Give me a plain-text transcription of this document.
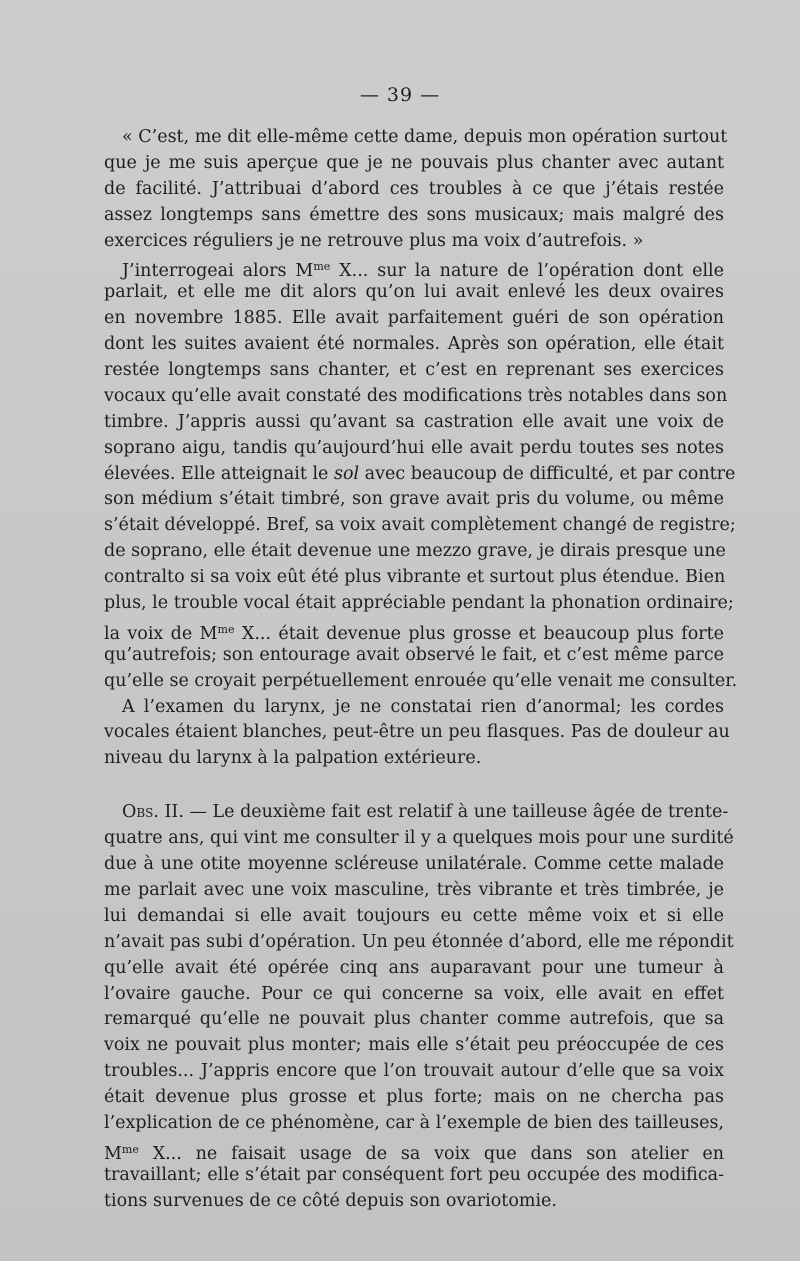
— 39 —
« C’est, me dit elle-même cette dame, depuis mon opération surtout
que je me suis aperçue que je ne pouvais plus chanter avec autant
de facilité. J’attribuai d’abord ces troubles à ce que j’étais restée
assez longtemps sans émettre des sons musicaux; mais malgré des
exercices réguliers je ne retrouve plus ma voix d’autrefois. »
J’interrogeai alors $M^{me}$ X... sur la nature de l’opération dont elle
parlait, et elle me dit alors qu’on lui avait enlevé les deux ovaires
en novembre 1885. Elle avait parfaitement guéri de son opération
dont les suites avaient été normales. Après son opération, elle était
restée longtemps sans chanter, et c’est en reprenant ses exercices
vocaux qu’elle avait constaté des modifications très notables dans son
timbre. J’appris aussi qu’avant sa castration elle avait une voix de
soprano aigu, tandis qu’aujourd’hui elle avait perdu toutes ses notes
élevées. Elle atteignait le sol avec beaucoup de difficulté, et par contre
son médium s’était timbré, son grave avait pris du volume, ou même
s’était développé. Bref, sa voix avait complètement changé de registre;
de soprano, elle était devenue une mezzo grave, je dirais presque une
contralto si sa voix eût été plus vibrante et surtout plus étendue. Bien
plus, le trouble vocal était appréciable pendant la phonation ordinaire;
la voix de $M^{me}$ X... était devenue plus grosse et beaucoup plus forte
qu’autrefois; son entourage avait observé le fait, et c’est même parce
qu’elle se croyait perpétuellement enrouée qu’elle venait me consulter.
A l’examen du larynx, je ne constatai rien d’anormal; les cordes
vocales étaient blanches, peut-être un peu flasques. Pas de douleur au
niveau du larynx à la palpation extérieure.
Obs. II. — Le deuxième fait est relatif à une tailleuse âgée de trente-
quatre ans, qui vint me consulter il y a quelques mois pour une surdité
due à une otite moyenne scléreuse unilatérale. Comme cette malade
me parlait avec une voix masculine, très vibrante et très timbrée, je
lui demandai si elle avait toujours eu cette même voix et si elle
n’avait pas subi d’opération. Un peu étonnée d’abord, elle me répondit
qu’elle avait été opérée cinq ans auparavant pour une tumeur à
l’ovaire gauche. Pour ce qui concerne sa voix, elle avait en effet
remarqué qu’elle ne pouvait plus chanter comme autrefois, que sa
voix ne pouvait plus monter; mais elle s’était peu préoccupée de ces
troubles... J’appris encore que l’on trouvait autour d’elle que sa voix
était devenue plus grosse et plus forte; mais on ne chercha pas
l’explication de ce phénomène, car à l’exemple de bien des tailleuses,
$M^{me}$ X... ne faisait usage de sa voix que dans son atelier en
travaillant; elle s’était par conséquent fort peu occupée des modifica-
tions survenues de ce côté depuis son ovariotomie.
